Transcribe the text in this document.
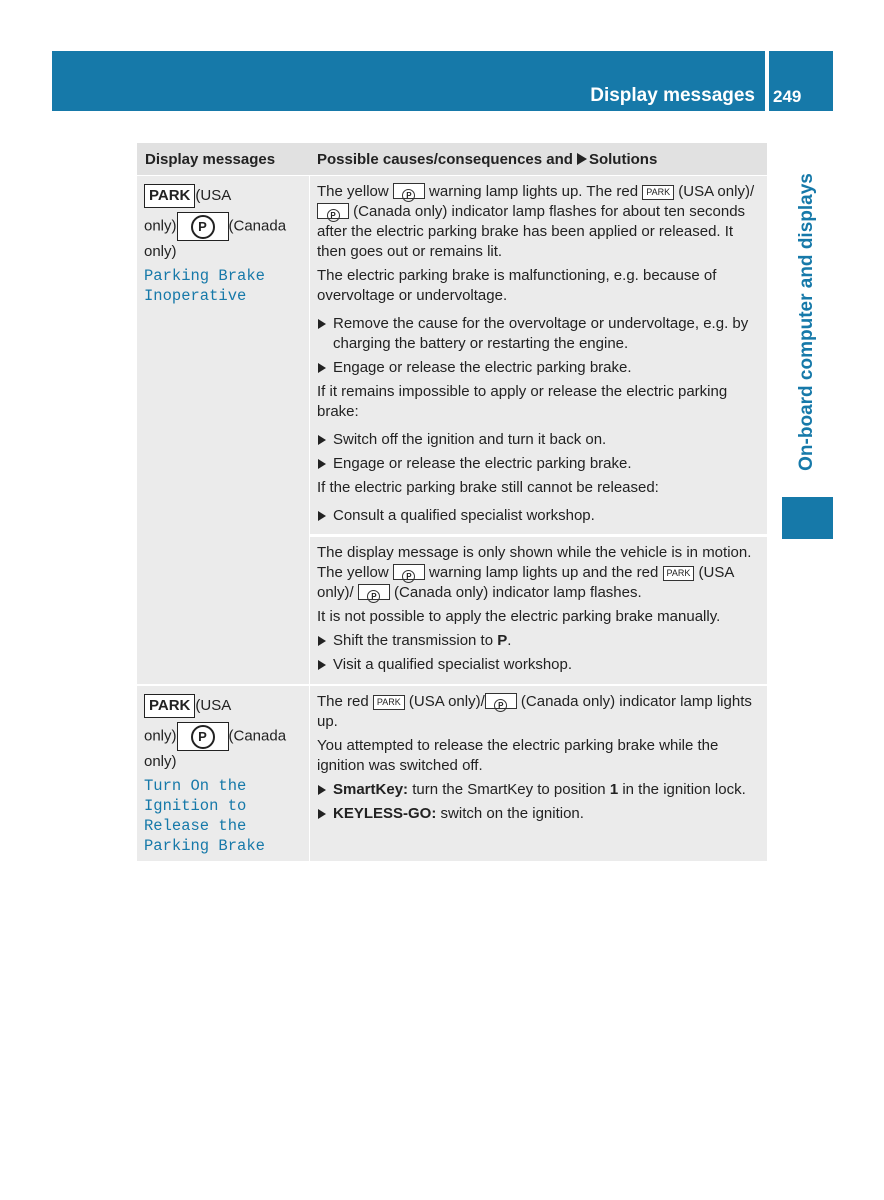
Display messages 249
On-board computer and displays
Display messages	Possible causes/consequences and Solutions
PARK (USA
only) P (Canada
only)
Parking Brake
Inoperative

The yellow P warning lamp lights up. The red PARK (USA only)/P (Canada only) indicator lamp flashes for about ten seconds after the electric parking brake has been applied or released. It then goes out or remains lit.

The electric parking brake is malfunctioning, e.g. because of overvoltage or undervoltage.

Remove the cause for the overvoltage or undervoltage, e.g. by charging the battery or restarting the engine.
Engage or release the electric parking brake.

If it remains impossible to apply or release the electric parking brake:

Switch off the ignition and turn it back on.
Engage or release the electric parking brake.

If the electric parking brake still cannot be released:

Consult a qualified specialist workshop.

The display message is only shown while the vehicle is in motion. The yellow P warning lamp lights up and the red PARK (USA only)/ P (Canada only) indicator lamp flashes.

It is not possible to apply the electric parking brake manually.

Shift the transmission to P.
Visit a qualified specialist workshop.
PARK (USA
only) P (Canada
only)
Turn On the
Ignition to
Release the
Parking Brake

The red PARK (USA only)/ P (Canada only) indicator lamp lights up.

You attempted to release the electric parking brake while the ignition was switched off.

SmartKey: turn the SmartKey to position 1 in the ignition lock.
KEYLESS-GO: switch on the ignition.
